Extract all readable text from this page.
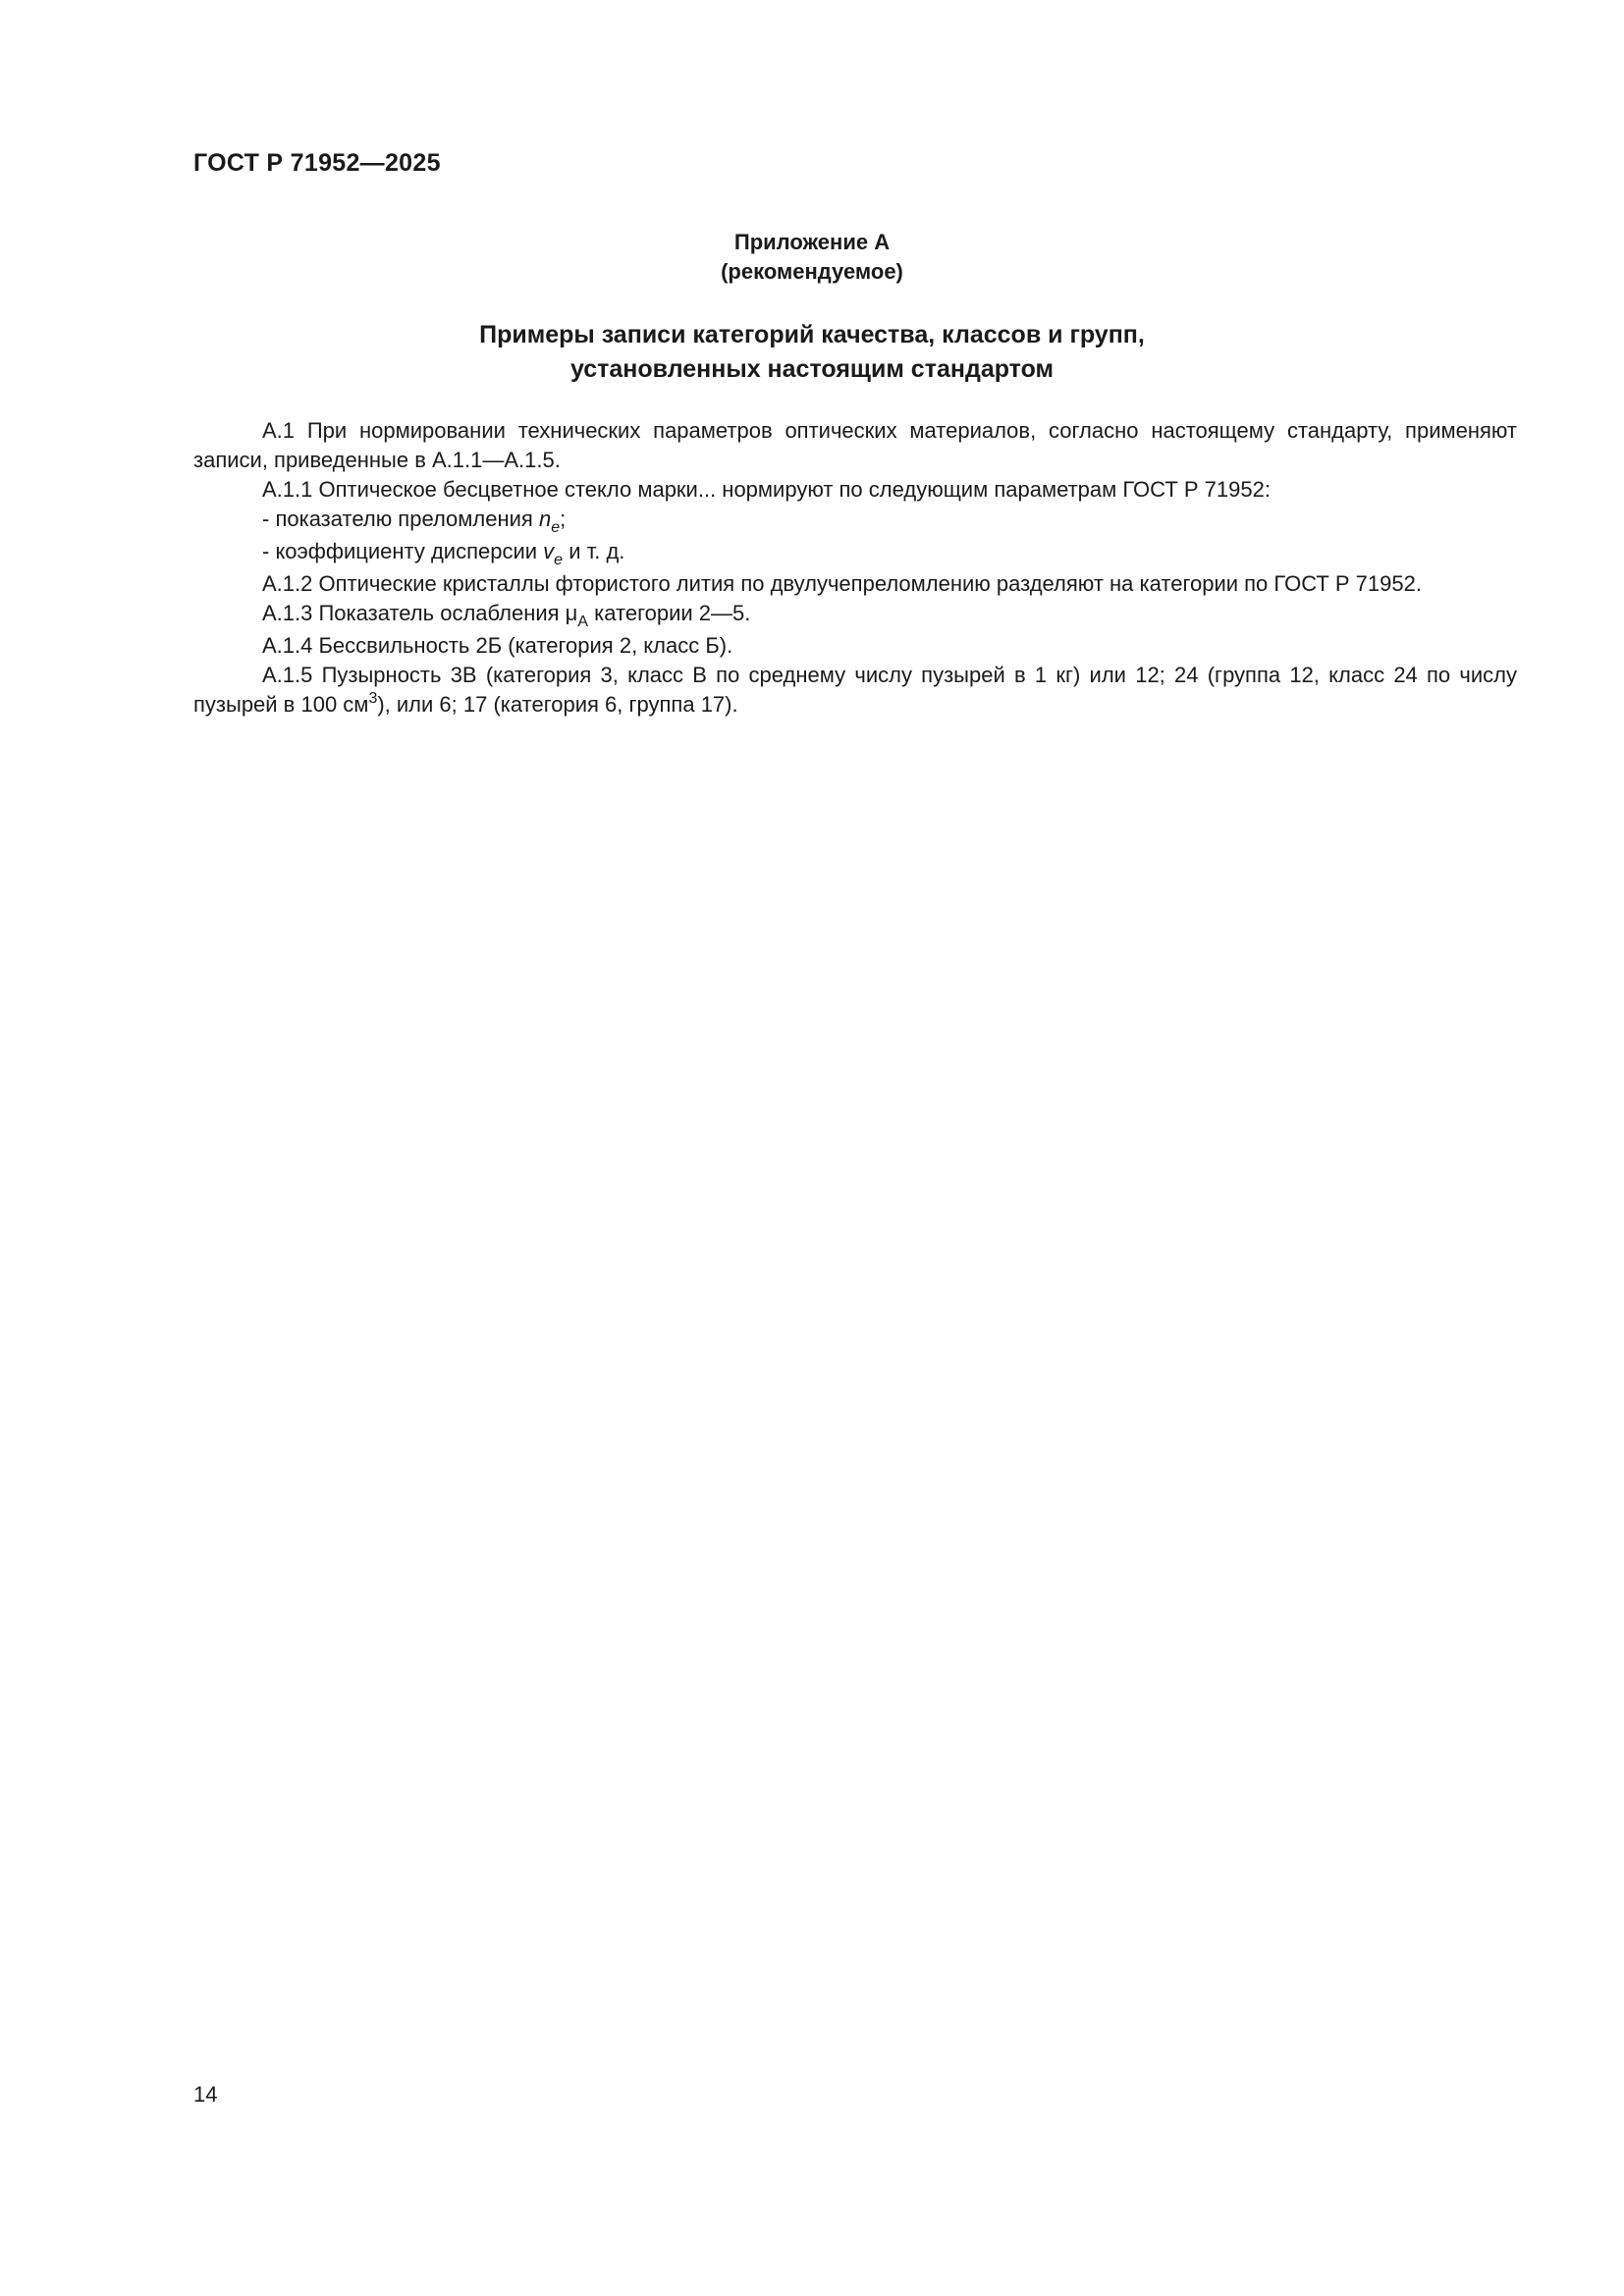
ГОСТ Р 71952—2025
Приложение А
(рекомендуемое)
Примеры записи категорий качества, классов и групп,
установленных настоящим стандартом

А.1 При нормировании технических параметров оптических материалов, согласно настоящему стандарту, применяют записи, приведенные в А.1.1—А.1.5.

А.1.1 Оптическое бесцветное стекло марки... нормируют по следующим параметрам ГОСТ Р 71952:

- показателю преломления $n_e$;

- коэффициенту дисперсии $v_e$ и т. д.

А.1.2 Оптические кристаллы фтористого лития по двулучепреломлению разделяют на категории по ГОСТ Р 71952.

А.1.3 Показатель ослабления $\mu_A$ категории 2—5.

А.1.4 Бессвильность 2Б (категория 2, класс Б).

А.1.5 Пузырность 3В (категория 3, класс В по среднему числу пузырей в 1 кг) или 12; 24 (группа 12, класс 24 по числу пузырей в 100 $см^3$), или 6; 17 (категория 6, группа 17).

14
